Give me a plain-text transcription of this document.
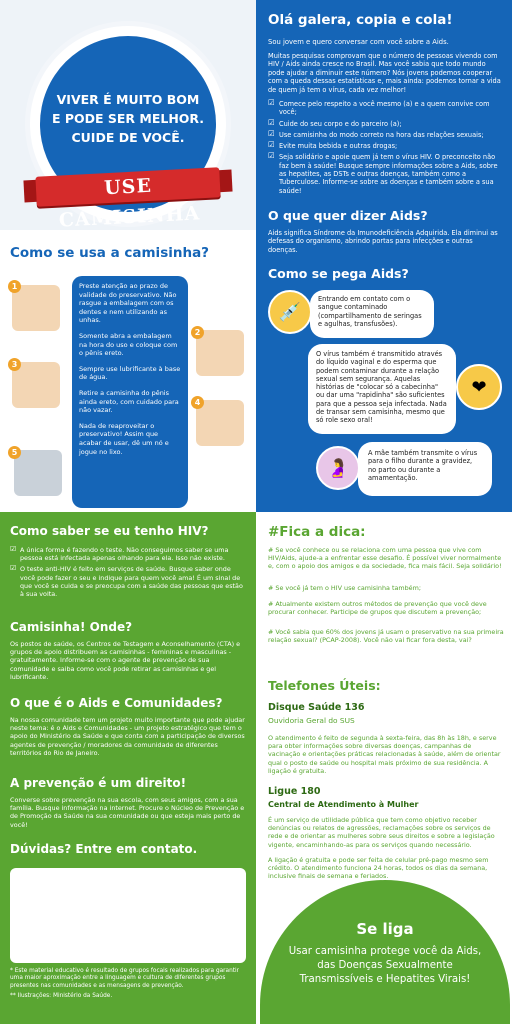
VIVER É MUITO BOM
E PODE SER MELHOR.
CUIDE DE VOCÊ.
USE CAMISINHA
Como se usa a camisinha?
1
3
5
2
4

Preste atenção ao prazo de validade do preservativo. Não rasgue a embalagem com os dentes e nem utilizando as unhas.

Somente abra a embalagem na hora do uso e coloque com o pênis ereto.

Sempre use lubrificante à base de água.

Retire a camisinha do pênis ainda ereto, com cuidado para não vazar.

Nada de reaproveitar o preservativo! Assim que acabar de usar, dê um nó e jogue no lixo.

Olá galera, copia e cola!
Sou jovem e quero conversar com você sobre a Aids.
Muitas pesquisas comprovam que o número de pessoas vivendo com HIV / Aids ainda cresce no Brasil. Mas você sabia que todo mundo pode ajudar a diminuir este número? Nós jovens podemos cooperar com a queda dessas estatísticas e, mais ainda: podemos tornar a vida de quem já tem o vírus, cada vez melhor!
☑ Comece pelo respeito a você mesmo (a) e a quem convive com você;
☑ Cuide do seu corpo e do parceiro (a);
☑ Use camisinha do modo correto na hora das relações sexuais;
☑ Evite muita bebida e outras drogas;
☑ Seja solidário e apoie quem já tem o vírus HIV. O preconceito não faz bem à saúde! Busque sempre informações sobre a Aids, sobre as hepatites, as DSTs e outras doenças, também como a Tuberculose. Informe-se sobre as doenças e também sobre a sua saúde!
O que quer dizer Aids?
Aids significa Síndrome da Imunodeficiência Adquirida. Ela diminui as defesas do organismo, abrindo portas para infecções e outras doenças.
Como se pega Aids?
💉
Entrando em contato com o sangue contaminado (compartilhamento de seringas e agulhas, transfusões).
O vírus também é transmitido através do líquido vaginal e do esperma que podem contaminar durante a relação sexual sem segurança. Aquelas histórias de "colocar só a cabecinha" ou dar uma "rapidinha" são suficientes para que a pessoa seja infectada. Nada de transar sem camisinha, mesmo que só role sexo oral!
❤
🤰
A mãe também transmite o vírus para o filho durante a gravidez, no parto ou durante a amamentação.
Como saber se eu tenho HIV?
☑ A única forma é fazendo o teste. Não conseguimos saber se uma pessoa está infectada apenas olhando para ela. Isso não existe.
☑ O teste anti-HIV é feito em serviços de saúde. Busque saber onde você pode fazer o seu e indique para quem você ama! É um sinal de que você se cuida e se preocupa com a saúde das pessoas que estão à sua volta.
Camisinha! Onde?
Os postos de saúde, os Centros de Testagem e Aconselhamento (CTA) e grupos de apoio distribuem as camisinhas - femininas e masculinas - gratuitamente. Informe-se com o agente de prevenção de sua comunidade e saiba como você pode retirar as camisinhas e gel lubrificante.
O que é o Aids e Comunidades?
Na nossa comunidade tem um projeto muito importante que pode ajudar neste tema: é o Aids e Comunidades - um projeto estratégico que tem o apoio do Ministério da Saúde e que conta com a participação de diversos agentes de prevenção / moradores da comunidade de diferentes territórios do Rio de Janeiro.
A prevenção é um direito!
Converse sobre prevenção na sua escola, com seus amigos, com a sua família. Busque informação na internet. Procure o Núcleo de Prevenção e de Promoção da Saúde na sua comunidade ou que esteja mais perto de você!
Dúvidas? Entre em contato.
* Este material educativo é resultado de grupos focais realizados para garantir uma maior aproximação entre a linguagem e cultura de diferentes grupos presentes nas comunidades e as mensagens de prevenção.
** Ilustrações: Ministério da Saúde.
#Fica a dica:
# Se você conhece ou se relaciona com uma pessoa que vive com HIV/Aids, ajude-a a enfrentar esse desafio. É possível viver normalmente e, com o apoio dos amigos e da sociedade, fica mais fácil. Seja solidário!
# Se você já tem o HIV use camisinha também;
# Atualmente existem outros métodos de prevenção que você deve procurar conhecer. Participe de grupos que discutem a prevenção;
# Você sabia que 60% dos jovens já usam o preservativo na sua primeira relação sexual? (PCAP-2008). Você não vai ficar fora desta, vai?
Telefones Úteis:
Disque Saúde 136
Ouvidoria Geral do SUS
O atendimento é feito de segunda à sexta-feira, das 8h às 18h, e serve para obter informações sobre diversas doenças, campanhas de vacinação e orientações práticas relacionadas à saúde, além de orientar qual o posto de saúde ou hospital mais próximo de sua residência. A ligação é gratuita.
Ligue 180
Central de Atendimento à Mulher
É um serviço de utilidade pública que tem como objetivo receber denúncias ou relatos de agressões, reclamações sobre os serviços de rede e de orientar as mulheres sobre seus direitos e sobre a legislação vigente, encaminhando-as para os serviços quando necessário.
A ligação é gratuita e pode ser feita de celular pré-pago mesmo sem crédito. O atendimento funciona 24 horas, todos os dias da semana, inclusive finais de semana e feriados.
Se liga
Usar camisinha protege você da Aids, das Doenças Sexualmente Transmissíveis e Hepatites Virais!
